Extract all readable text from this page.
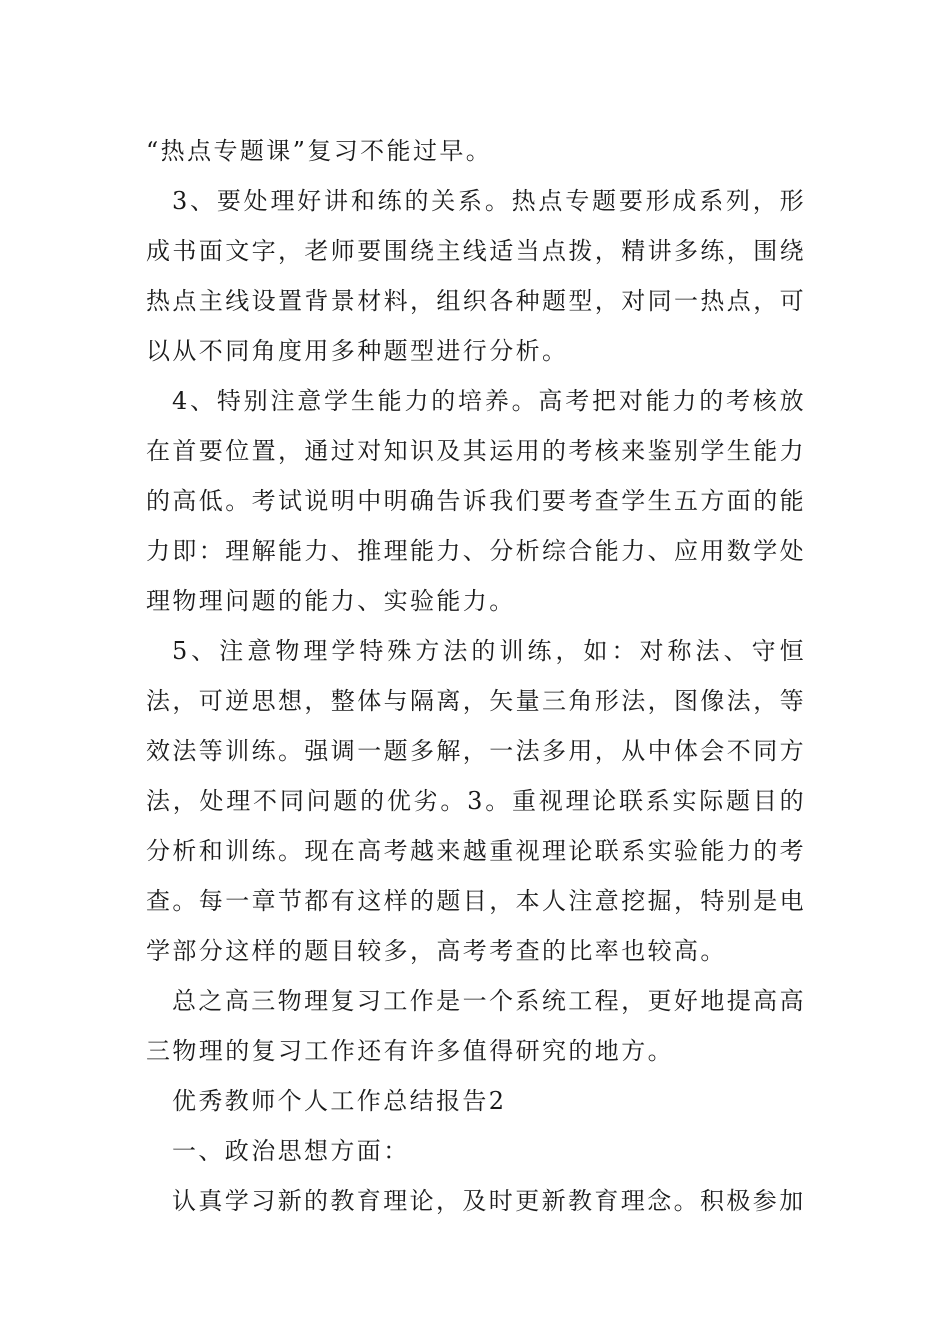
“热点专题课”复习不能过早。

3、要处理好讲和练的关系。热点专题要形成系列，形成书面文字，老师要围绕主线适当点拨，精讲多练，围绕热点主线设置背景材料，组织各种题型，对同一热点，可以从不同角度用多种题型进行分析。

4、特别注意学生能力的培养。高考把对能力的考核放在首要位置，通过对知识及其运用的考核来鉴别学生能力的高低。考试说明中明确告诉我们要考查学生五方面的能力即：理解能力、推理能力、分析综合能力、应用数学处理物理问题的能力、实验能力。

5、注意物理学特殊方法的训练，如：对称法、守恒法，可逆思想，整体与隔离，矢量三角形法，图像法，等效法等训练。强调一题多解，一法多用，从中体会不同方法，处理不同问题的优劣。3。重视理论联系实际题目的分析和训练。现在高考越来越重视理论联系实验能力的考查。每一章节都有这样的题目，本人注意挖掘，特别是电学部分这样的题目较多，高考考查的比率也较高。

总之高三物理复习工作是一个系统工程，更好地提高高三物理的复习工作还有许多值得研究的地方。

优秀教师个人工作总结报告2

一、政治思想方面：

认真学习新的教育理论，及时更新教育理念。积极参加
